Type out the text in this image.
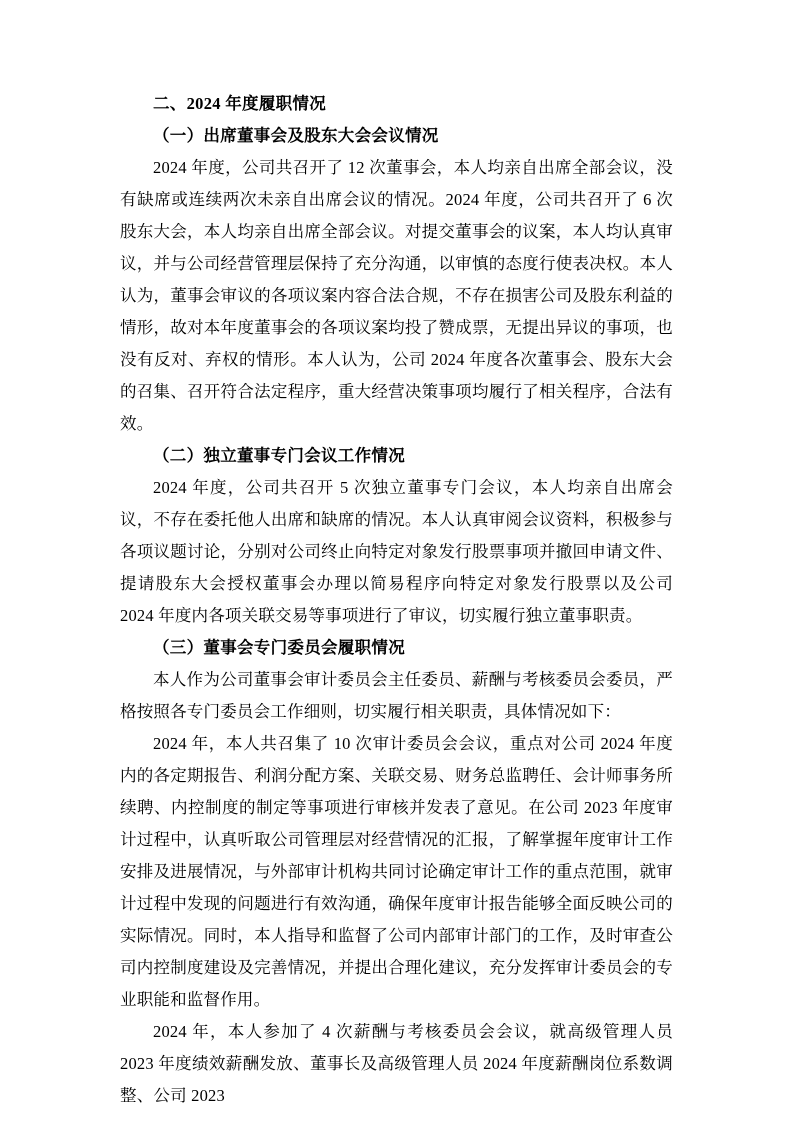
二、2024 年度履职情况
（一）出席董事会及股东大会会议情况

2024 年度，公司共召开了 12 次董事会，本人均亲自出席全部会议，没有缺席或连续两次未亲自出席会议的情况。2024 年度，公司共召开了 6 次股东大会，本人均亲自出席全部会议。对提交董事会的议案，本人均认真审议，并与公司经营管理层保持了充分沟通，以审慎的态度行使表决权。本人认为，董事会审议的各项议案内容合法合规，不存在损害公司及股东利益的情形，故对本年度董事会的各项议案均投了赞成票，无提出异议的事项，也没有反对、弃权的情形。本人认为，公司 2024 年度各次董事会、股东大会的召集、召开符合法定程序，重大经营决策事项均履行了相关程序，合法有效。

（二）独立董事专门会议工作情况

2024 年度，公司共召开 5 次独立董事专门会议，本人均亲自出席会议，不存在委托他人出席和缺席的情况。本人认真审阅会议资料，积极参与各项议题讨论，分别对公司终止向特定对象发行股票事项并撤回申请文件、提请股东大会授权董事会办理以简易程序向特定对象发行股票以及公司 2024 年度内各项关联交易等事项进行了审议，切实履行独立董事职责。

（三）董事会专门委员会履职情况

本人作为公司董事会审计委员会主任委员、薪酬与考核委员会委员，严格按照各专门委员会工作细则，切实履行相关职责，具体情况如下：

2024 年，本人共召集了 10 次审计委员会会议，重点对公司 2024 年度内的各定期报告、利润分配方案、关联交易、财务总监聘任、会计师事务所续聘、内控制度的制定等事项进行审核并发表了意见。在公司 2023 年度审计过程中，认真听取公司管理层对经营情况的汇报，了解掌握年度审计工作安排及进展情况，与外部审计机构共同讨论确定审计工作的重点范围，就审计过程中发现的问题进行有效沟通，确保年度审计报告能够全面反映公司的实际情况。同时，本人指导和监督了公司内部审计部门的工作，及时审查公司内控制度建设及完善情况，并提出合理化建议，充分发挥审计委员会的专业职能和监督作用。

2024 年，本人参加了 4 次薪酬与考核委员会会议，就高级管理人员 2023 年度绩效薪酬发放、董事长及高级管理人员 2024 年度薪酬岗位系数调整、公司 2023
